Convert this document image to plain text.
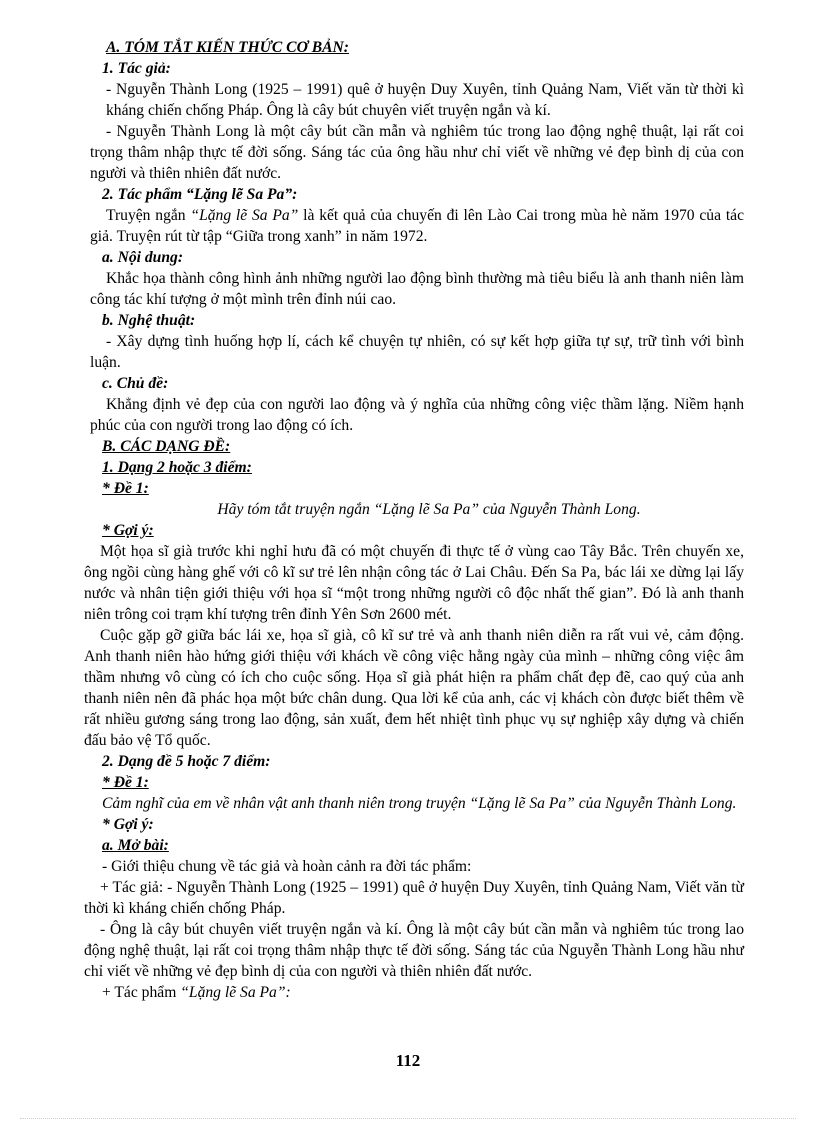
A. TÓM TẮT KIẾN THỨC CƠ BẢN:

1. Tác giả:

- Nguyễn Thành Long (1925 – 1991) quê ở huyện Duy Xuyên, tỉnh Quảng Nam, Viết văn từ thời kì kháng chiến chống Pháp. Ông là cây bút chuyên viết truyện ngắn và kí.

- Nguyễn Thành Long là một cây bút cần mẫn và nghiêm túc trong lao động nghệ thuật, lại rất coi trọng thâm nhập thực tế đời sống. Sáng tác của ông hầu như chỉ viết về những vẻ đẹp bình dị của con người và thiên nhiên đất nước.

2. Tác phẩm “Lặng lẽ Sa Pa”:

Truyện ngắn “Lặng lẽ Sa Pa” là kết quả của chuyến đi lên Lào Cai trong mùa hè năm 1970 của tác giả. Truyện rút từ tập “Giữa trong xanh” in năm 1972.

a. Nội dung:

Khắc họa thành công hình ảnh những người lao động bình thường mà tiêu biểu là anh thanh niên làm công tác khí tượng ở một mình trên đỉnh núi cao.

b. Nghệ thuật:

- Xây dựng tình huống hợp lí, cách kể chuyện tự nhiên, có sự kết hợp giữa tự sự, trữ tình với bình luận.

c. Chủ đề:

Khẳng định vẻ đẹp của con người lao động và ý nghĩa của những công việc thầm lặng. Niềm hạnh phúc của con người trong lao động có ích.

B. CÁC DẠNG ĐỀ:

1. Dạng 2 hoặc 3 điểm:

* Đề 1:

Hãy tóm tắt truyện ngắn “Lặng lẽ Sa Pa” của Nguyễn Thành Long.

* Gợi ý:

Một họa sĩ già trước khi nghỉ hưu đã có một chuyến đi thực tế ở vùng cao Tây Bắc. Trên chuyến xe, ông ngồi cùng hàng ghế với cô kĩ sư trẻ lên nhận công tác ở Lai Châu. Đến Sa Pa, bác lái xe dừng lại lấy nước và nhân tiện giới thiệu với họa sĩ “một trong những người cô độc nhất thế gian”. Đó là anh thanh niên trông coi trạm khí tượng trên đỉnh Yên Sơn 2600 mét.

Cuộc gặp gỡ giữa bác lái xe, họa sĩ già, cô kĩ sư trẻ và anh thanh niên diễn ra rất vui vẻ, cảm động. Anh thanh niên hào hứng giới thiệu với khách về công việc hằng ngày của mình – những công việc âm thầm nhưng vô cùng có ích cho cuộc sống. Họa sĩ già phát hiện ra phẩm chất đẹp đẽ, cao quý của anh thanh niên nên đã phác họa một bức chân dung. Qua lời kể của anh, các vị khách còn được biết thêm về rất nhiều gương sáng trong lao động, sản xuất, đem hết nhiệt tình phục vụ sự nghiệp xây dựng và chiến đấu bảo vệ Tổ quốc.

2. Dạng đề 5 hoặc 7 điểm:

* Đề 1:

Cảm nghĩ của em về nhân vật anh thanh niên trong truyện “Lặng lẽ Sa Pa” của Nguyễn Thành Long.

* Gợi ý:

a. Mở bài:

- Giới thiệu chung về tác giả và hoàn cảnh ra đời tác phẩm:

+ Tác giả: - Nguyễn Thành Long (1925 – 1991) quê ở huyện Duy Xuyên, tỉnh Quảng Nam, Viết văn từ thời kì kháng chiến chống Pháp.

- Ông là cây bút chuyên viết truyện ngắn và kí. Ông là một cây bút cần mẫn và nghiêm túc trong lao động nghệ thuật, lại rất coi trọng thâm nhập thực tế đời sống. Sáng tác của Nguyễn Thành Long hầu như chỉ viết về những vẻ đẹp bình dị của con người và thiên nhiên đất nước.

+ Tác phẩm “Lặng lẽ Sa Pa”:

112
